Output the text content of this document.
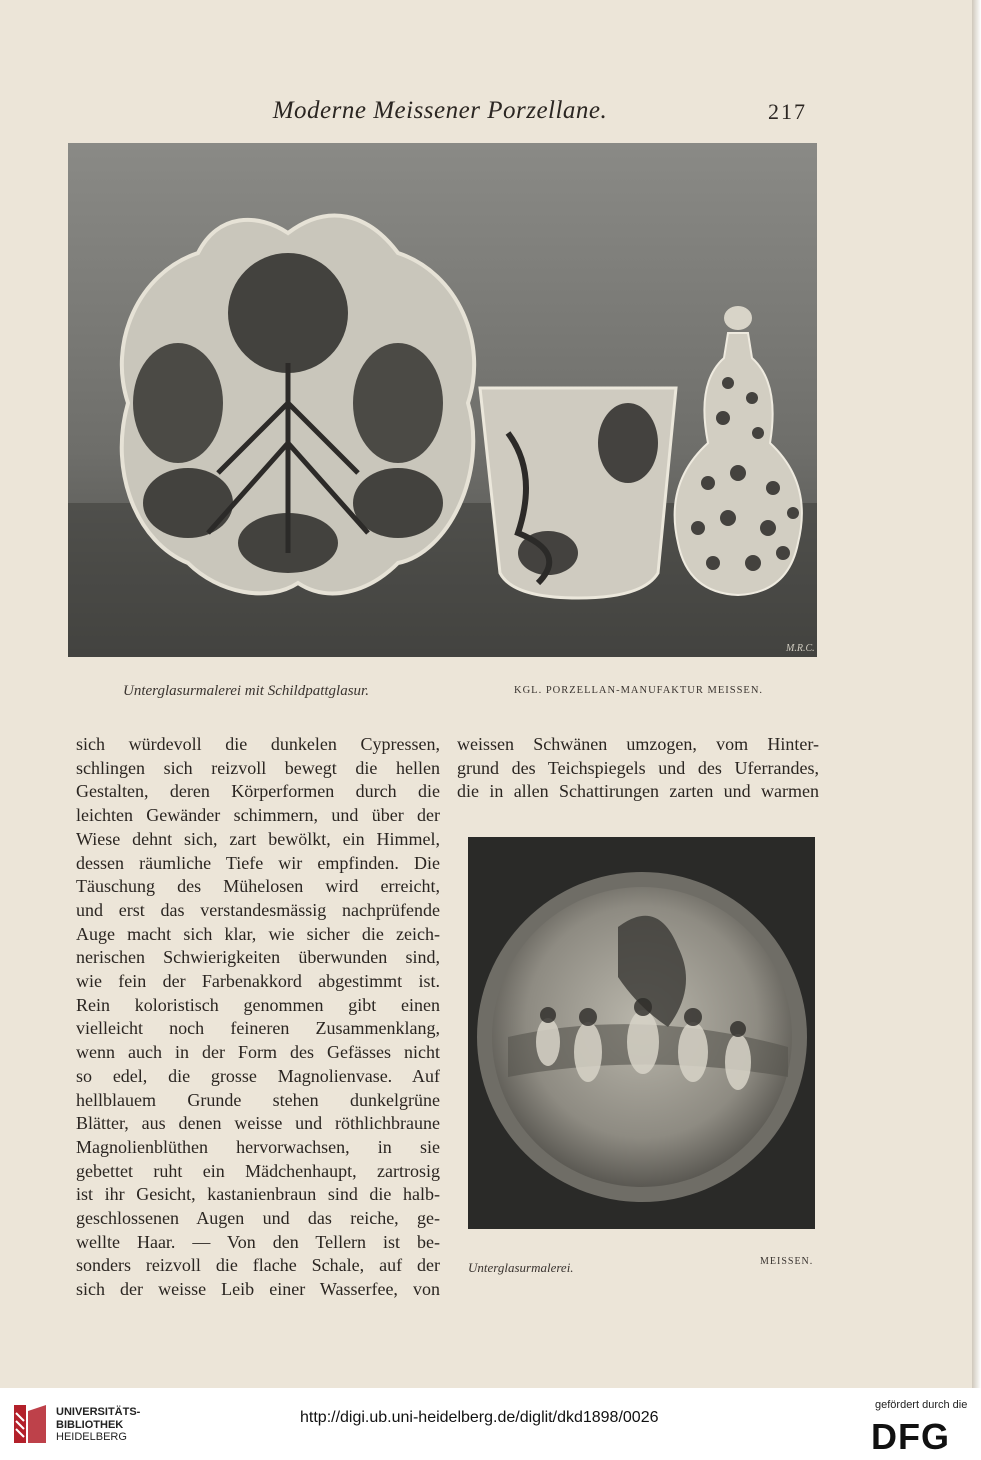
Moderne Meissener Porzellane.	217
M.R.C.
Unterglasurmalerei mit Schildpattglasur.	KGL. PORZELLAN-MANUFAKTUR MEISSEN.

sich würdevoll die dunkelen Cypressen,

schlingen sich reizvoll bewegt die hellen

Gestalten, deren Körperformen durch die

leichten Gewänder schimmern, und über der

Wiese dehnt sich, zart bewölkt, ein Himmel,

dessen räumliche Tiefe wir empfinden. Die

Täuschung des Mühelosen wird erreicht,

und erst das verstandesmässig nachprüfende

Auge macht sich klar, wie sicher die zeich-

nerischen Schwierigkeiten überwunden sind,

wie fein der Farbenakkord abgestimmt ist.

Rein koloristisch genommen gibt einen

vielleicht noch feineren Zusammenklang,

wenn auch in der Form des Gefässes nicht

so edel, die grosse Magnolienvase. Auf

hellblauem Grunde stehen dunkelgrüne

Blätter, aus denen weisse und röthlichbraune

Magnolienblüthen hervorwachsen, in sie

gebettet ruht ein Mädchenhaupt, zartrosig

ist ihr Gesicht, kastanienbraun sind die halb-

geschlossenen Augen und das reiche, ge-

wellte Haar. — Von den Tellern ist be-

sonders reizvoll die flache Schale, auf der

sich der weisse Leib einer Wasserfee, von

weissen Schwänen umzogen, vom Hinter-

grund des Teichspiegels und des Uferrandes,

die in allen Schattirungen zarten und warmen

Unterglasurmalerei.	MEISSEN.
UNIVERSITÄTS-
BIBLIOTHEK
HEIDELBERG
http://digi.ub.uni-heidelberg.de/diglit/dkd1898/0026
gefördert durch die
DFG
